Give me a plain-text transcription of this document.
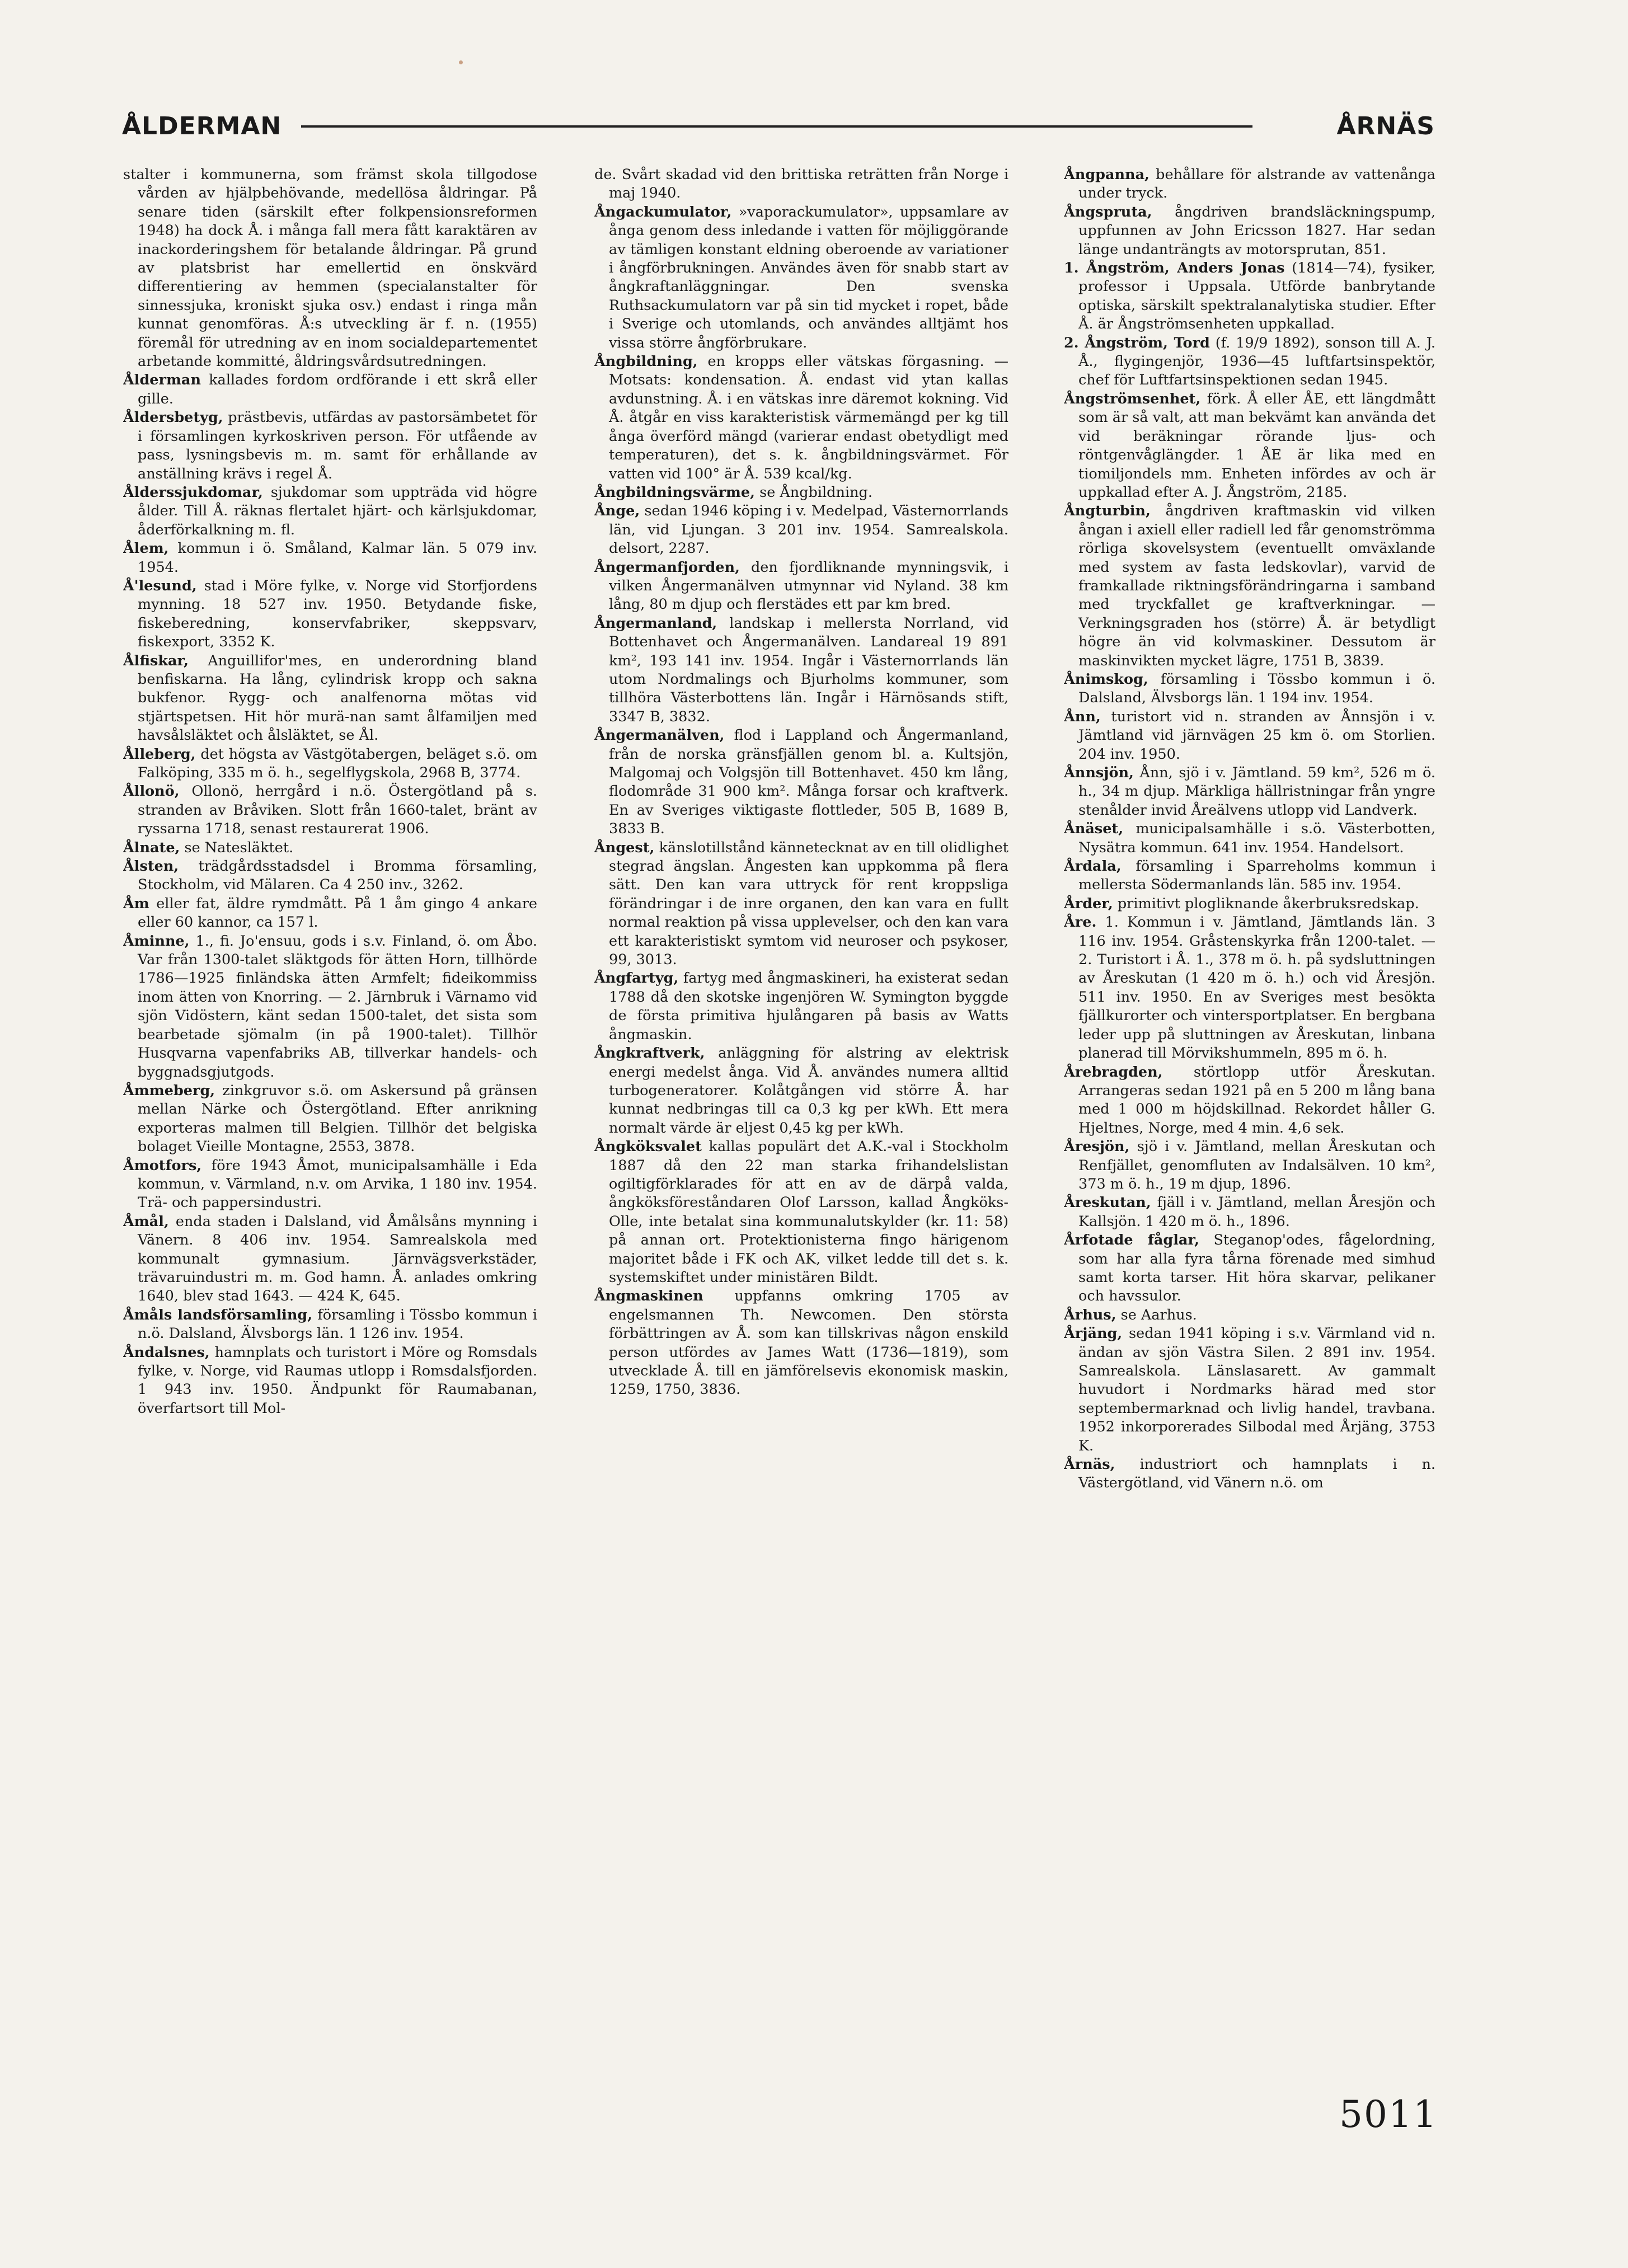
ÅLDERMAN	ÅRNÄS

stalter i kommunerna, som främst skola tillgodose vården av hjälpbehövande, medellösa åldringar. På senare tiden (särskilt efter folkpensionsreformen 1948) ha dock Å. i många fall mera fått karaktären av inackorderingshem för betalande åldringar. På grund av platsbrist har emellertid en önskvärd differentiering av hemmen (specialanstalter för sinnessjuka, kroniskt sjuka osv.) endast i ringa mån kunnat genomföras. Å:s utveckling är f. n. (1955) föremål för utredning av en inom socialdepartementet arbetande kommitté, åldringsvårdsutredningen.

Ålderman kallades fordom ordförande i ett skrå eller gille.

Åldersbetyg, prästbevis, utfärdas av pastorsämbetet för i församlingen kyrkoskriven person. För utfående av pass, lysningsbevis m. m. samt för erhållande av anställning krävs i regel Å.

Ålderssjukdomar, sjukdomar som uppträda vid högre ålder. Till Å. räknas flertalet hjärt- och kärlsjukdomar, åderförkalkning m. fl.

Ålem, kommun i ö. Småland, Kalmar län. 5 079 inv. 1954.

Å'lesund, stad i Möre fylke, v. Norge vid Storfjordens mynning. 18 527 inv. 1950. Betydande fiske, fiskeberedning, konservfabriker, skeppsvarv, fiskexport, 3352 K.

Ålfiskar, Anguillifor'mes, en underordning bland benfiskarna. Ha lång, cylindrisk kropp och sakna bukfenor. Rygg- och analfenorna mötas vid stjärtspetsen. Hit hör murä-nan samt ålfamiljen med havsålsläktet och ålsläktet, se Ål.

Ålleberg, det högsta av Västgötabergen, beläget s.ö. om Falköping, 335 m ö. h., segelflygskola, 2968 B, 3774.

Ållonö, Ollonö, herrgård i n.ö. Östergötland på s. stranden av Bråviken. Slott från 1660-talet, bränt av ryssarna 1718, senast restaurerat 1906.

Ålnate, se Natesläktet.

Ålsten, trädgårdsstadsdel i Bromma församling, Stockholm, vid Mälaren. Ca 4 250 inv., 3262.

Åm eller fat, äldre rymdmått. På 1 åm gingo 4 ankare eller 60 kannor, ca 157 l.

Åminne, 1., fi. Jo'ensuu, gods i s.v. Finland, ö. om Åbo. Var från 1300-talet släktgods för ätten Horn, tillhörde 1786—1925 finländska ätten Armfelt; fideikommiss inom ätten von Knorring. — 2. Järnbruk i Värnamo vid sjön Vidöstern, känt sedan 1500-talet, det sista som bearbetade sjömalm (in på 1900-talet). Tillhör Husqvarna vapenfabriks AB, tillverkar handels- och byggnadsgjutgods.

Åmmeberg, zinkgruvor s.ö. om Askersund på gränsen mellan Närke och Östergötland. Efter anrikning exporteras malmen till Belgien. Tillhör det belgiska bolaget Vieille Montagne, 2553, 3878.

Åmotfors, före 1943 Åmot, municipalsamhälle i Eda kommun, v. Värmland, n.v. om Arvika, 1 180 inv. 1954. Trä- och pappersindustri.

Åmål, enda staden i Dalsland, vid Åmålsåns mynning i Vänern. 8 406 inv. 1954. Samrealskola med kommunalt gymnasium. Järnvägsverkstäder, trävaruindustri m. m. God hamn. Å. anlades omkring 1640, blev stad 1643. — 424 K, 645.

Åmåls landsförsamling, församling i Tössbo kommun i n.ö. Dalsland, Älvsborgs län. 1 126 inv. 1954.

Åndalsnes, hamnplats och turistort i Möre og Romsdals fylke, v. Norge, vid Raumas utlopp i Romsdalsfjorden. 1 943 inv. 1950. Ändpunkt för Raumabanan, överfartsort till Mol-

de. Svårt skadad vid den brittiska reträtten från Norge i maj 1940.

Ångackumulator, »vaporackumulator», uppsamlare av ånga genom dess inledande i vatten för möjliggörande av tämligen konstant eldning oberoende av variationer i ångförbrukningen. Användes även för snabb start av ångkraftanläggningar. Den svenska Ruthsackumulatorn var på sin tid mycket i ropet, både i Sverige och utomlands, och användes alltjämt hos vissa större ångförbrukare.

Ångbildning, en kropps eller vätskas förgasning. — Motsats: kondensation. Å. endast vid ytan kallas avdunstning. Å. i en vätskas inre däremot kokning. Vid Å. åtgår en viss karakteristisk värmemängd per kg till ånga överförd mängd (varierar endast obetydligt med temperaturen), det s. k. ångbildningsvärmet. För vatten vid 100° är Å. 539 kcal/kg.

Ångbildningsvärme, se Ångbildning.

Ånge, sedan 1946 köping i v. Medelpad, Västernorrlands län, vid Ljungan. 3 201 inv. 1954. Samrealskola. delsort, 2287.

Ångermanfjorden, den fjordliknande mynningsvik, i vilken Ångermanälven utmynnar vid Nyland. 38 km lång, 80 m djup och flerstädes ett par km bred.

Ångermanland, landskap i mellersta Norrland, vid Bottenhavet och Ångermanälven. Landareal 19 891 km², 193 141 inv. 1954. Ingår i Västernorrlands län utom Nordmalings och Bjurholms kommuner, som tillhöra Västerbottens län. Ingår i Härnösands stift, 3347 B, 3832.

Ångermanälven, flod i Lappland och Ångermanland, från de norska gränsfjällen genom bl. a. Kultsjön, Malgomaj och Volgsjön till Bottenhavet. 450 km lång, flodområde 31 900 km². Många forsar och kraftverk. En av Sveriges viktigaste flottleder, 505 B, 1689 B, 3833 B.

Ångest, känslotillstånd kännetecknat av en till olidlighet stegrad ängslan. Ångesten kan uppkomma på flera sätt. Den kan vara uttryck för rent kroppsliga förändringar i de inre organen, den kan vara en fullt normal reaktion på vissa upplevelser, och den kan vara ett karakteristiskt symtom vid neuroser och psykoser, 99, 3013.

Ångfartyg, fartyg med ångmaskineri, ha existerat sedan 1788 då den skotske ingenjören W. Symington byggde de första primitiva hjulångaren på basis av Watts ångmaskin.

Ångkraftverk, anläggning för alstring av elektrisk energi medelst ånga. Vid Å. användes numera alltid turbogeneratorer. Kolåtgången vid större Å. har kunnat nedbringas till ca 0,3 kg per kWh. Ett mera normalt värde är eljest 0,45 kg per kWh.

Ångköksvalet kallas populärt det A.K.-val i Stockholm 1887 då den 22 man starka frihandelslistan ogiltigförklarades för att en av de därpå valda, ångköksföreståndaren Olof Larsson, kallad Ångköks-Olle, inte betalat sina kommunalutskylder (kr. 11: 58) på annan ort. Protektionisterna fingo härigenom majoritet både i FK och AK, vilket ledde till det s. k. systemskiftet under ministären Bildt.

Ångmaskinen uppfanns omkring 1705 av engelsmannen Th. Newcomen. Den största förbättringen av Å. som kan tillskrivas någon enskild person utfördes av James Watt (1736—1819), som utvecklade Å. till en jämförelsevis ekonomisk maskin, 1259, 1750, 3836.

Ångpanna, behållare för alstrande av vattenånga under tryck.

Ångspruta, ångdriven brandsläckningspump, uppfunnen av John Ericsson 1827. Har sedan länge undanträngts av motorsprutan, 851.

1. Ångström, Anders Jonas (1814—74), fysiker, professor i Uppsala. Utförde banbrytande optiska, särskilt spektralanalytiska studier. Efter Å. är Ångströmsenheten uppkallad.

2. Ångström, Tord (f. 19/9 1892), sonson till A. J. Å., flygingenjör, 1936—45 luftfartsinspektör, chef för Luftfartsinspektionen sedan 1945.

Ångströmsenhet, förk. Å eller ÅE, ett längdmått som är så valt, att man bekvämt kan använda det vid beräkningar rörande ljus- och röntgenvåglängder. 1 ÅE är lika med en tiomiljondels mm. Enheten infördes av och är uppkallad efter A. J. Ångström, 2185.

Ångturbin, ångdriven kraftmaskin vid vilken ångan i axiell eller radiell led får genomströmma rörliga skovelsystem (eventuellt omväxlande med system av fasta ledskovlar), varvid de framkallade riktningsförändringarna i samband med tryckfallet ge kraftverkningar. — Verkningsgraden hos (större) Å. är betydligt högre än vid kolvmaskiner. Dessutom är maskinvikten mycket lägre, 1751 B, 3839.

Ånimskog, församling i Tössbo kommun i ö. Dalsland, Älvsborgs län. 1 194 inv. 1954.

Ånn, turistort vid n. stranden av Ånnsjön i v. Jämtland vid järnvägen 25 km ö. om Storlien. 204 inv. 1950.

Ånnsjön, Ånn, sjö i v. Jämtland. 59 km², 526 m ö. h., 34 m djup. Märkliga hällristningar från yngre stenålder invid Åreälvens utlopp vid Landverk.

Ånäset, municipalsamhälle i s.ö. Västerbotten, Nysätra kommun. 641 inv. 1954. Handelsort.

Årdala, församling i Sparreholms kommun i mellersta Södermanlands län. 585 inv. 1954.

Årder, primitivt plogliknande åkerbruksredskap.

Åre. 1. Kommun i v. Jämtland, Jämtlands län. 3 116 inv. 1954. Gråstenskyrka från 1200-talet. — 2. Turistort i Å. 1., 378 m ö. h. på sydsluttningen av Åreskutan (1 420 m ö. h.) och vid Åresjön. 511 inv. 1950. En av Sveriges mest besökta fjällkurorter och vintersportplatser. En bergbana leder upp på sluttningen av Åreskutan, linbana planerad till Mörvikshummeln, 895 m ö. h.

Årebragden, störtlopp utför Åreskutan. Arrangeras sedan 1921 på en 5 200 m lång bana med 1 000 m höjdskillnad. Rekordet håller G. Hjeltnes, Norge, med 4 min. 4,6 sek.

Åresjön, sjö i v. Jämtland, mellan Åreskutan och Renfjället, genomfluten av Indalsälven. 10 km², 373 m ö. h., 19 m djup, 1896.

Åreskutan, fjäll i v. Jämtland, mellan Åresjön och Kallsjön. 1 420 m ö. h., 1896.

Årfotade fåglar, Steganop'odes, fågelordning, som har alla fyra tårna förenade med simhud samt korta tarser. Hit höra skarvar, pelikaner och havssulor.

Århus, se Aarhus.

Årjäng, sedan 1941 köping i s.v. Värmland vid n. ändan av sjön Västra Silen. 2 891 inv. 1954. Samrealskola. Länslasarett. Av gammalt huvudort i Nordmarks härad med stor septembermarknad och livlig handel, travbana. 1952 inkorporerades Silbodal med Årjäng, 3753 K.

Årnäs, industriort och hamnplats i n. Västergötland, vid Vänern n.ö. om

5011
